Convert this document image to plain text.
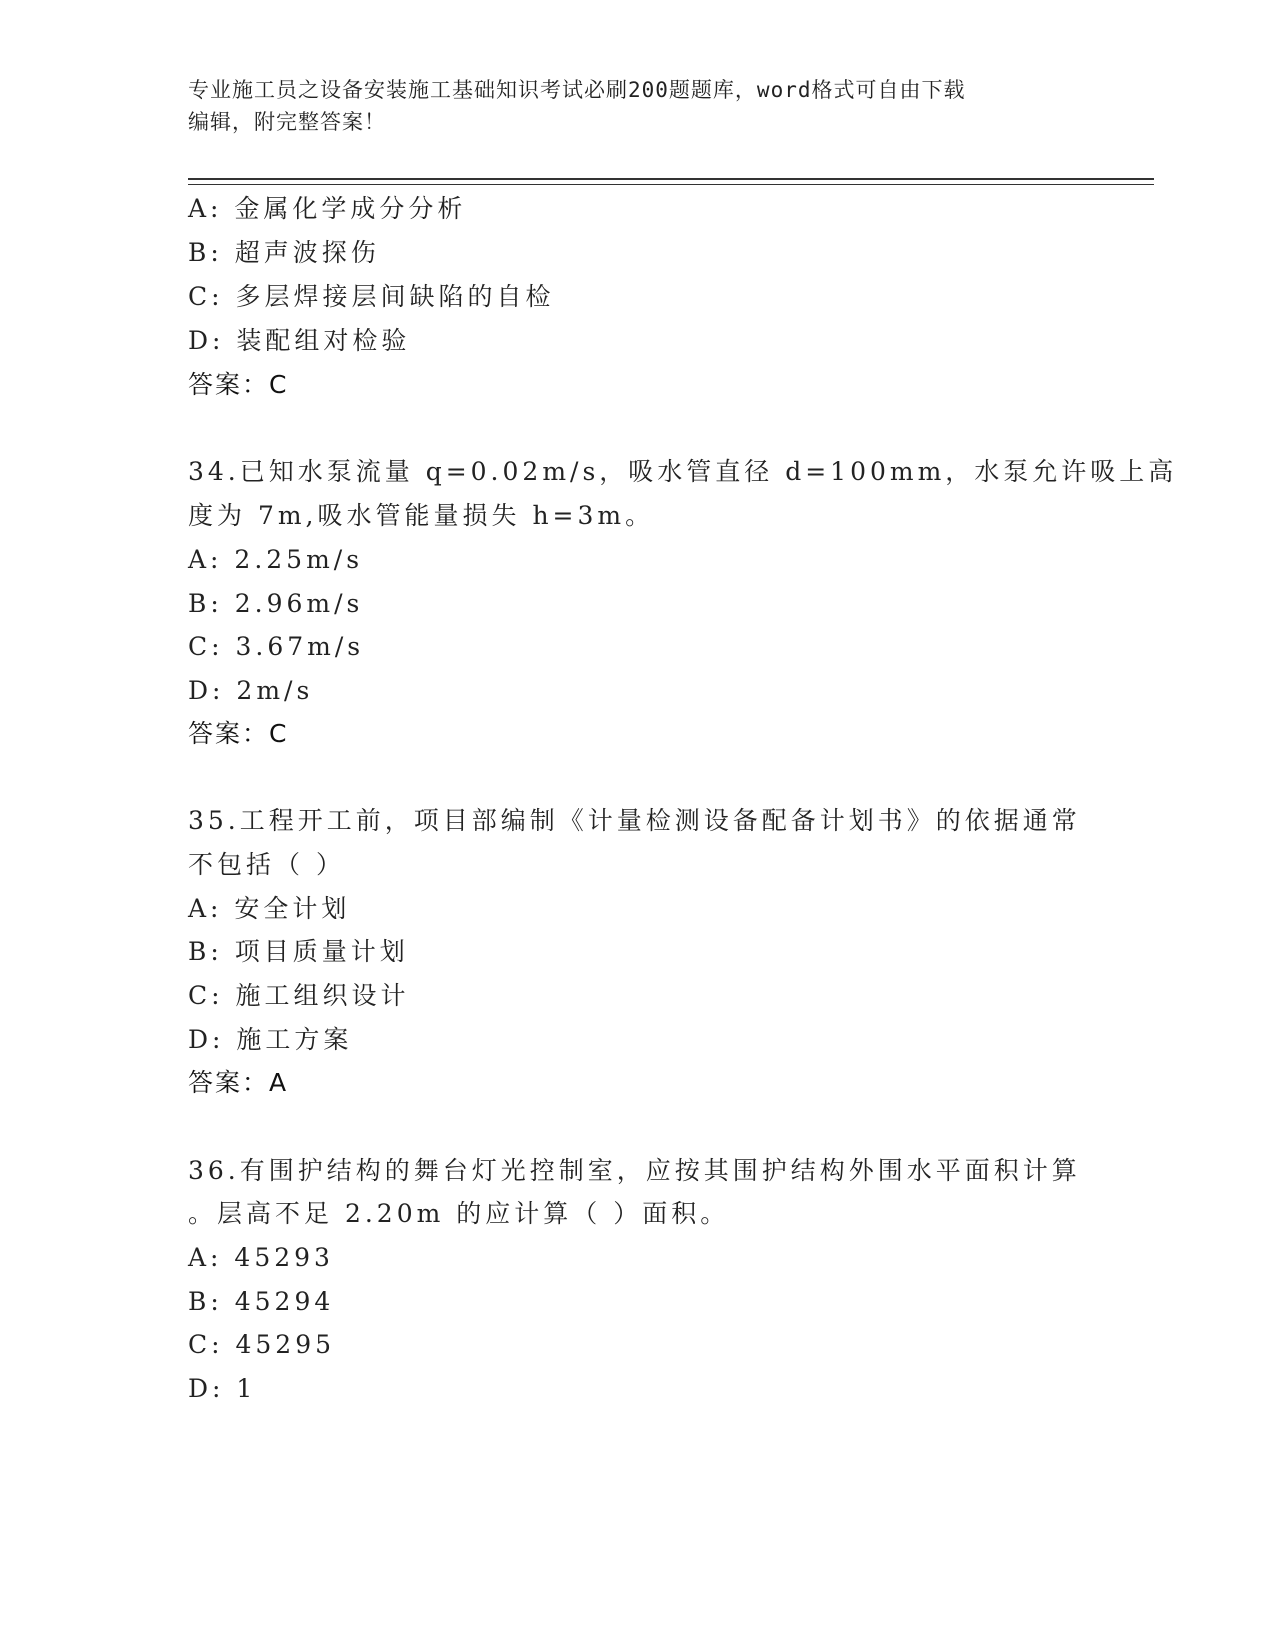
专业施工员之设备安装施工基础知识考试必刷200题题库，word格式可自由下载
编辑，附完整答案！
A: 金属化学成分分析
B: 超声波探伤
C: 多层焊接层间缺陷的自检
D: 装配组对检验
答案：C
34.已知水泵流量 q=0.02m/s，吸水管直径 d=100mm，水泵允许吸上高
度为 7m,吸水管能量损失 h=3m。
A: 2.25m/s
B: 2.96m/s
C: 3.67m/s
D: 2m/s
答案：C
35.工程开工前，项目部编制《计量检测设备配备计划书》的依据通常
不包括（ ）
A: 安全计划
B: 项目质量计划
C: 施工组织设计
D: 施工方案
答案：A
36.有围护结构的舞台灯光控制室，应按其围护结构外围水平面积计算
。层高不足 2.20m 的应计算（ ）面积。
A: 45293
B: 45294
C: 45295
D: 1
